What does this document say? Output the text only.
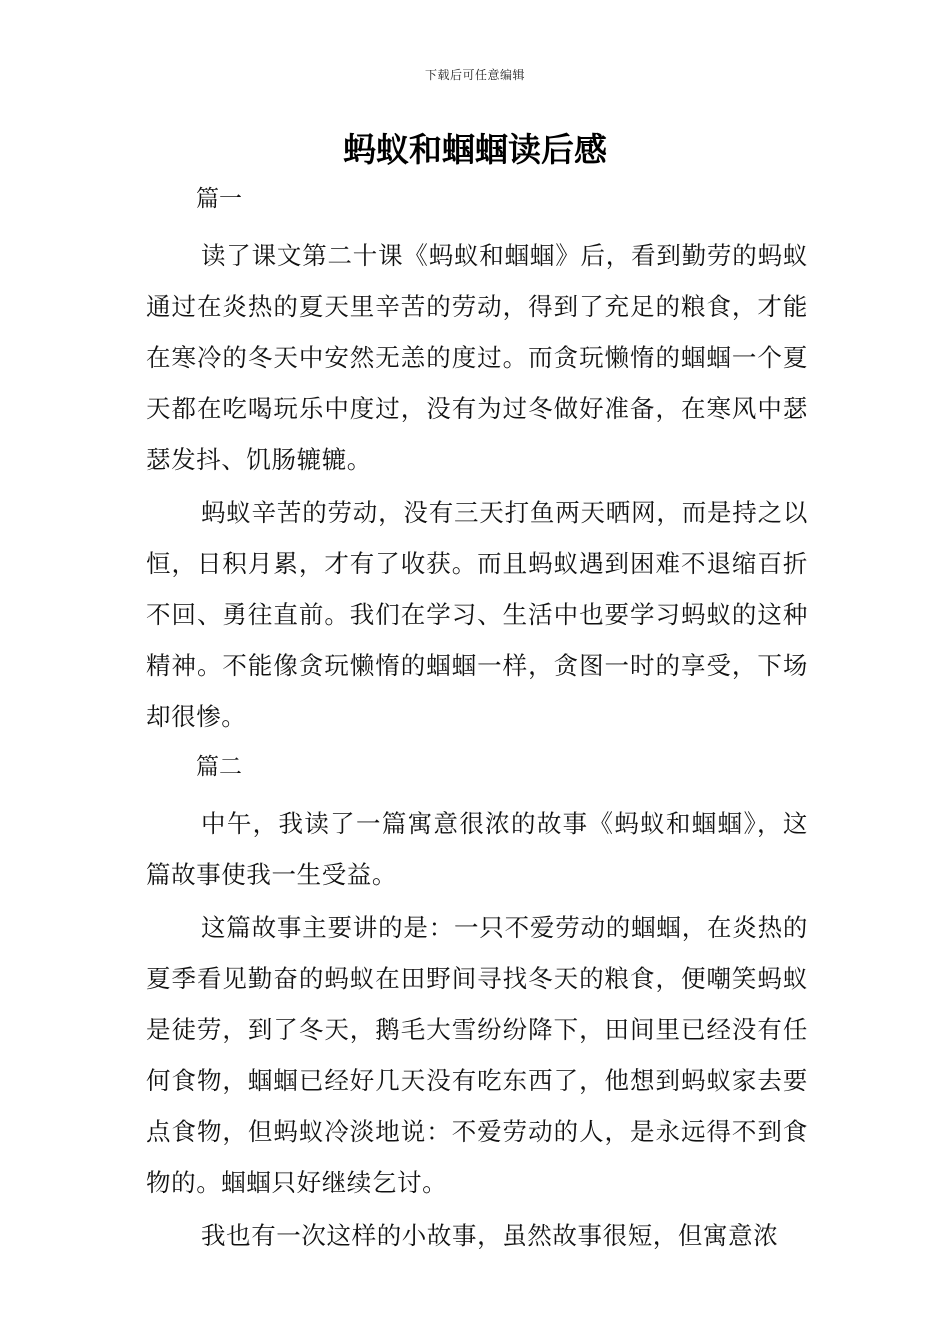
下载后可任意编辑
蚂蚁和蝈蝈读后感

篇一

读了课文第二十课《蚂蚁和蝈蝈》后，看到勤劳的蚂蚁通过在炎热的夏天里辛苦的劳动，得到了充足的粮食，才能在寒冷的冬天中安然无恙的度过。而贪玩懒惰的蝈蝈一个夏天都在吃喝玩乐中度过，没有为过冬做好准备，在寒风中瑟瑟发抖、饥肠辘辘。

蚂蚁辛苦的劳动，没有三天打鱼两天晒网，而是持之以恒，日积月累，才有了收获。而且蚂蚁遇到困难不退缩百折不回、勇往直前。我们在学习、生活中也要学习蚂蚁的这种精神。不能像贪玩懒惰的蝈蝈一样，贪图一时的享受，下场却很惨。

篇二

中午，我读了一篇寓意很浓的故事《蚂蚁和蝈蝈》，这篇故事使我一生受益。

这篇故事主要讲的是：一只不爱劳动的蝈蝈，在炎热的夏季看见勤奋的蚂蚁在田野间寻找冬天的粮食，便嘲笑蚂蚁是徒劳，到了冬天，鹅毛大雪纷纷降下，田间里已经没有任何食物，蝈蝈已经好几天没有吃东西了，他想到蚂蚁家去要点食物，但蚂蚁冷淡地说：不爱劳动的人，是永远得不到食物的。蝈蝈只好继续乞讨。

我也有一次这样的小故事，虽然故事很短，但寓意浓
